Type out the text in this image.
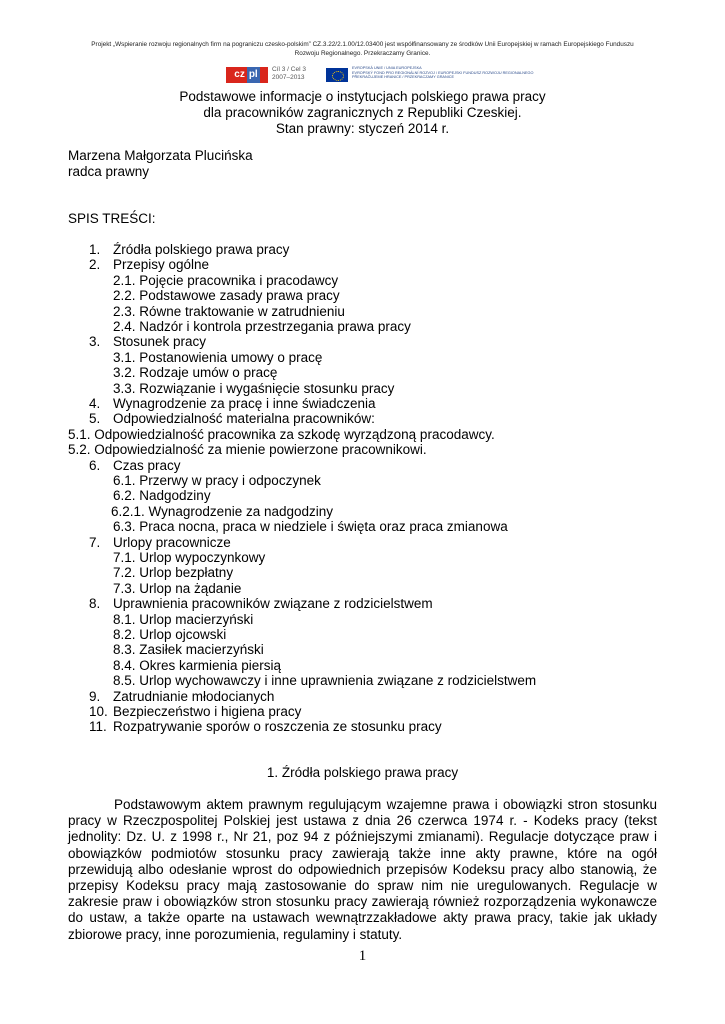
Projekt „Wspieranie rozwoju regionalnych firm na pograniczu czesko-polskim” CZ.3.22/2.1.00/12.03400 jest współfinansowany ze środków Unii Europejskiej w ramach Europejskiego Funduszu
Rozwoju Regionalnego. Przekraczamy Granice.
cz pl	Cíl 3 / Cel 3
2007–2013
EVROPSKÁ UNIE / UNIA EUROPEJSKA
EVROPSKÝ FOND PRO REGIONÁLNÍ ROZVOJ / EUROPEJSKI FUNDUSZ ROZWOJU REGIONALNEGO
PŘEKRAČUJEME HRANICE / PRZEKRACZAMY GRANICE
Podstawowe informacje o instytucjach polskiego prawa pracy
dla pracowników zagranicznych z Republiki Czeskiej.
Stan prawny: styczeń 2014 r.
Marzena Małgorzata Plucińska
radca prawny
SPIS TREŚCI:
1. Źródła polskiego prawa pracy
2. Przepisy ogólne
2.1. Pojęcie pracownika i pracodawcy
2.2. Podstawowe zasady prawa pracy
2.3. Równe traktowanie w zatrudnieniu
2.4. Nadzór i kontrola przestrzegania prawa pracy
3. Stosunek pracy
3.1. Postanowienia umowy o pracę
3.2. Rodzaje umów o pracę
3.3. Rozwiązanie i wygaśnięcie stosunku pracy
4. Wynagrodzenie za pracę i inne świadczenia
5. Odpowiedzialność materialna pracowników:
5.1. Odpowiedzialność pracownika za szkodę wyrządzoną pracodawcy.
5.2. Odpowiedzialność za mienie powierzone pracownikowi.
6. Czas pracy
6.1. Przerwy w pracy i odpoczynek
6.2. Nadgodziny
6.2.1. Wynagrodzenie za nadgodziny
6.3. Praca nocna, praca w niedziele i święta oraz praca zmianowa
7. Urlopy pracownicze
7.1. Urlop wypoczynkowy
7.2. Urlop bezpłatny
7.3. Urlop na żądanie
8. Uprawnienia pracowników związane z rodzicielstwem
8.1. Urlop macierzyński
8.2. Urlop ojcowski
8.3. Zasiłek macierzyński
8.4. Okres karmienia piersią
8.5. Urlop wychowawczy i inne uprawnienia związane z rodzicielstwem
9. Zatrudnianie młodocianych
10. Bezpieczeństwo i higiena pracy
11. Rozpatrywanie sporów o roszczenia ze stosunku pracy
1. Źródła polskiego prawa pracy
Podstawowym aktem prawnym regulującym wzajemne prawa i obowiązki stron stosunku pracy w Rzeczpospolitej Polskiej jest ustawa z dnia 26 czerwca 1974 r. - Kodeks pracy (tekst jednolity: Dz. U. z 1998 r., Nr 21, poz 94 z późniejszymi zmianami). Regulacje dotyczące praw i obowiązków podmiotów stosunku pracy zawierają także inne akty prawne, które na ogół przewidują albo odesłanie wprost do odpowiednich przepisów Kodeksu pracy albo stanowią, że przepisy Kodeksu pracy mają zastosowanie do spraw nim nie uregulowanych. Regulacje w zakresie praw i obowiązków stron stosunku pracy zawierają również rozporządzenia wykonawcze do ustaw, a także oparte na ustawach wewnątrzzakładowe akty prawa pracy, takie jak układy zbiorowe pracy, inne porozumienia, regulaminy i statuty.
1
